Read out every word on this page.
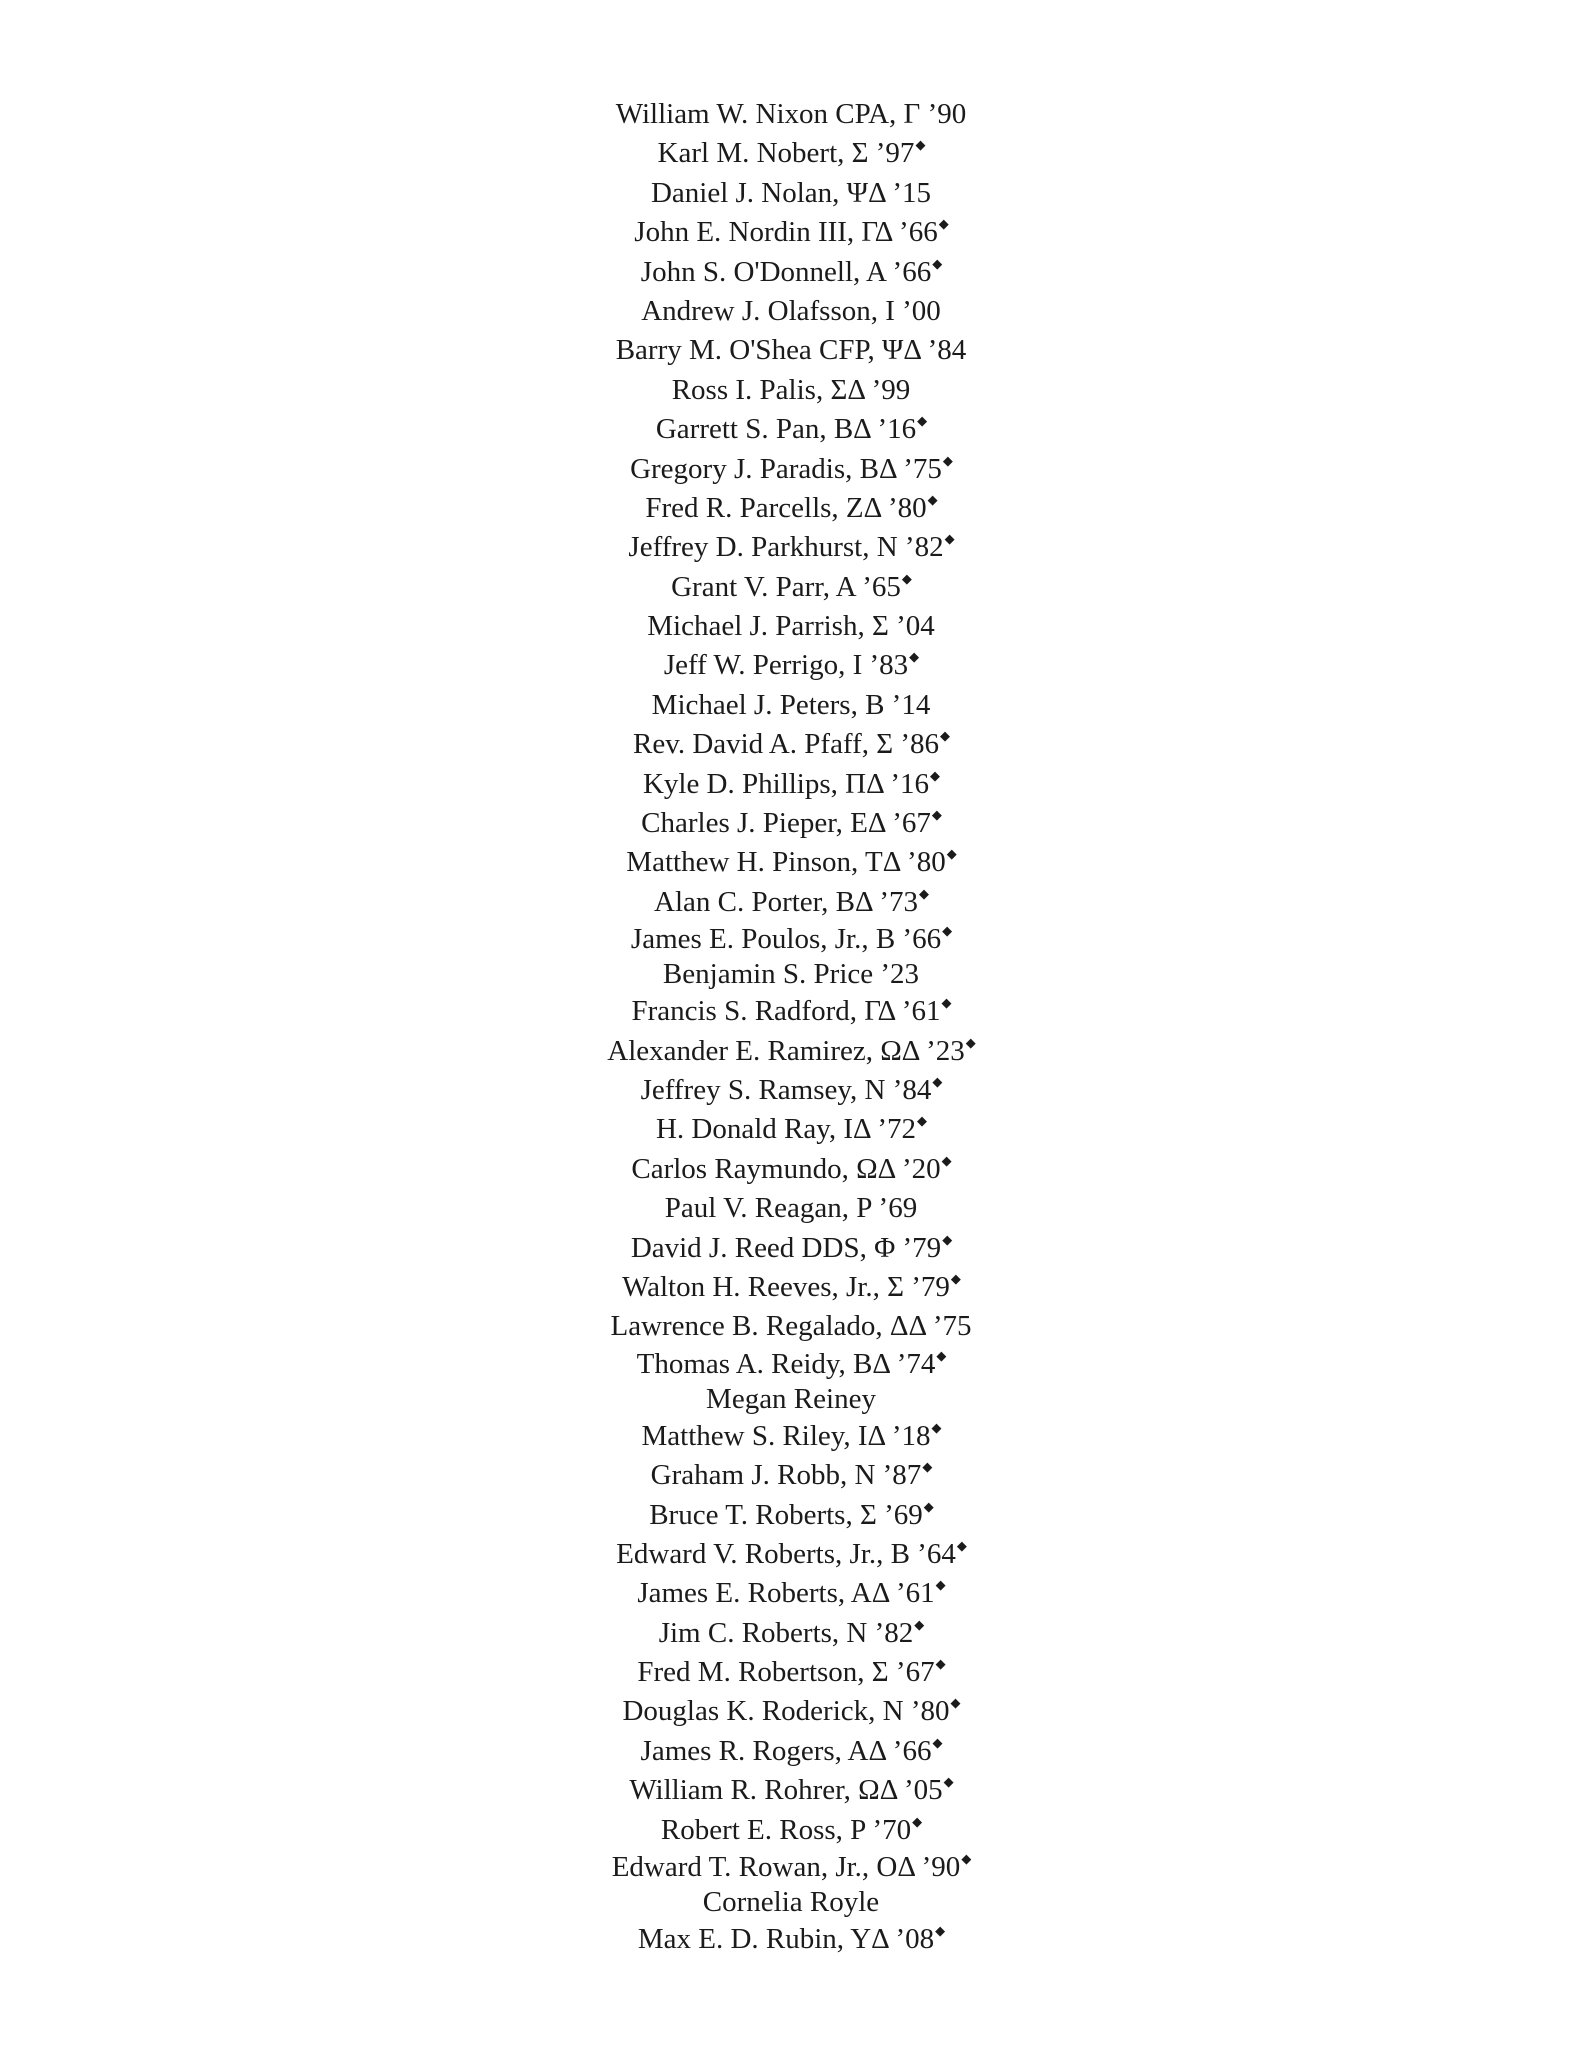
William W. Nixon CPA, Γ ’90
Karl M. Nobert, Σ ’97◆
Daniel J. Nolan, ΨΔ ’15
John E. Nordin III, ΓΔ ’66◆
John S. O'Donnell, A ’66◆
Andrew J. Olafsson, I ’00
Barry M. O'Shea CFP, ΨΔ ’84
Ross I. Palis, ΣΔ ’99
Garrett S. Pan, BΔ ’16◆
Gregory J. Paradis, BΔ ’75◆
Fred R. Parcells, ZΔ ’80◆
Jeffrey D. Parkhurst, N ’82◆
Grant V. Parr, A ’65◆
Michael J. Parrish, Σ ’04
Jeff W. Perrigo, I ’83◆
Michael J. Peters, B ’14
Rev. David A. Pfaff, Σ ’86◆
Kyle D. Phillips, ΠΔ ’16◆
Charles J. Pieper, EΔ ’67◆
Matthew H. Pinson, TΔ ’80◆
Alan C. Porter, BΔ ’73◆
James E. Poulos, Jr., B ’66◆
Benjamin S. Price ’23
Francis S. Radford, ΓΔ ’61◆
Alexander E. Ramirez, ΩΔ ’23◆
Jeffrey S. Ramsey, N ’84◆
H. Donald Ray, IΔ ’72◆
Carlos Raymundo, ΩΔ ’20◆
Paul V. Reagan, P ’69
David J. Reed DDS, Φ ’79◆
Walton H. Reeves, Jr., Σ ’79◆
Lawrence B. Regalado, ΔΔ ’75
Thomas A. Reidy, BΔ ’74◆
Megan Reiney
Matthew S. Riley, IΔ ’18◆
Graham J. Robb, N ’87◆
Bruce T. Roberts, Σ ’69◆
Edward V. Roberts, Jr., B ’64◆
James E. Roberts, AΔ ’61◆
Jim C. Roberts, N ’82◆
Fred M. Robertson, Σ ’67◆
Douglas K. Roderick, N ’80◆
James R. Rogers, AΔ ’66◆
William R. Rohrer, ΩΔ ’05◆
Robert E. Ross, P ’70◆
Edward T. Rowan, Jr., OΔ ’90◆
Cornelia Royle
Max E. D. Rubin, YΔ ’08◆
